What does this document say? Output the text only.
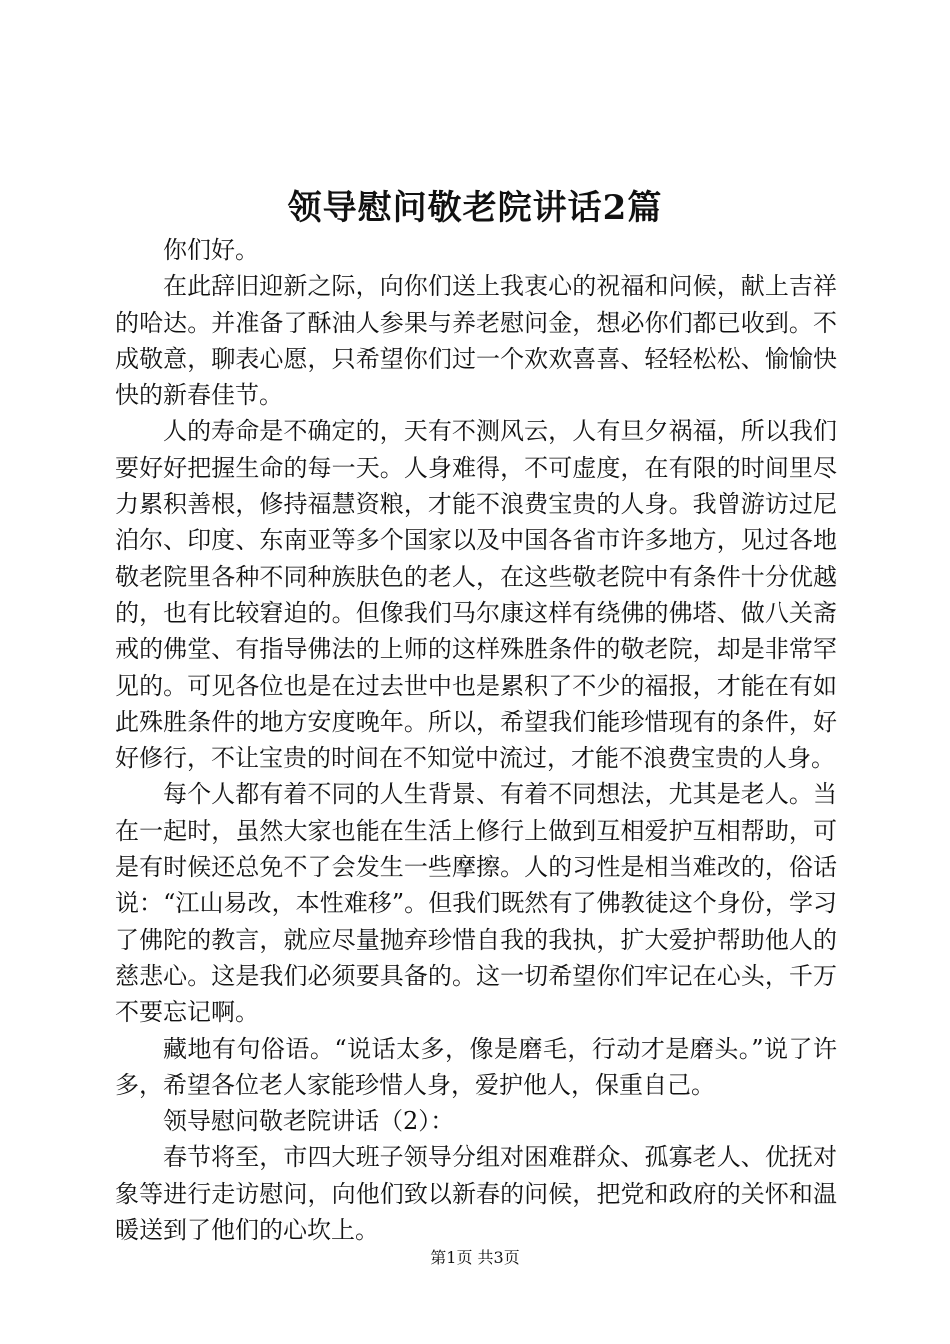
领导慰问敬老院讲话2篇

你们好。

在此辞旧迎新之际，向你们送上我衷心的祝福和问候，献上吉祥的哈达。并准备了酥油人参果与养老慰问金，想必你们都已收到。不成敬意，聊表心愿，只希望你们过一个欢欢喜喜、轻轻松松、愉愉快快的新春佳节。

人的寿命是不确定的，天有不测风云，人有旦夕祸福，所以我们要好好把握生命的每一天。人身难得，不可虚度，在有限的时间里尽力累积善根，修持福慧资粮，才能不浪费宝贵的人身。我曾游访过尼泊尔、印度、东南亚等多个国家以及中国各省市许多地方，见过各地敬老院里各种不同种族肤色的老人，在这些敬老院中有条件十分优越的，也有比较窘迫的。但像我们马尔康这样有绕佛的佛塔、做八关斋戒的佛堂、有指导佛法的上师的这样殊胜条件的敬老院，却是非常罕见的。可见各位也是在过去世中也是累积了不少的福报，才能在有如此殊胜条件的地方安度晚年。所以，希望我们能珍惜现有的条件，好好修行，不让宝贵的时间在不知觉中流过，才能不浪费宝贵的人身。

每个人都有着不同的人生背景、有着不同想法，尤其是老人。当在一起时，虽然大家也能在生活上修行上做到互相爱护互相帮助，可是有时候还总免不了会发生一些摩擦。人的习性是相当难改的，俗话说：“江山易改，本性难移”。但我们既然有了佛教徒这个身份，学习了佛陀的教言，就应尽量抛弃珍惜自我的我执，扩大爱护帮助他人的慈悲心。这是我们必须要具备的。这一切希望你们牢记在心头，千万不要忘记啊。

藏地有句俗语。“说话太多，像是磨毛，行动才是磨头。”说了许多，希望各位老人家能珍惜人身，爱护他人，保重自己。

领导慰问敬老院讲话（2）：

春节将至，市四大班子领导分组对困难群众、孤寡老人、优抚对象等进行走访慰问，向他们致以新春的问候，把党和政府的关怀和温暖送到了他们的心坎上。

第1页 共3页
